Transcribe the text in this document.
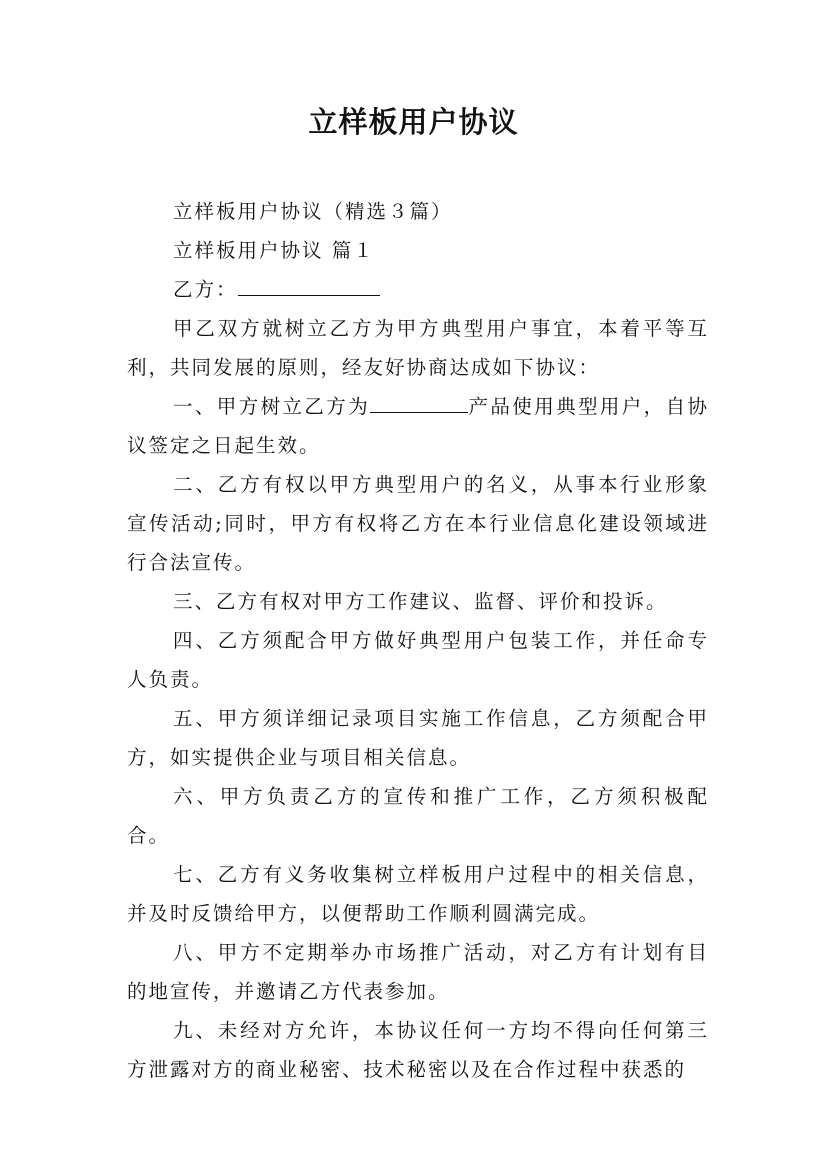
立样板用户协议

立样板用户协议（精选３篇）

立样板用户协议 篇１

乙方：

甲乙双方就树立乙方为甲方典型用户事宜，本着平等互利，共同发展的原则，经友好协商达成如下协议：

一、甲方树立乙方为	产品使用典型用户，自协议签定之日起生效。

二、乙方有权以甲方典型用户的名义，从事本行业形象宣传活动;同时，甲方有权将乙方在本行业信息化建设领域进行合法宣传。

三、乙方有权对甲方工作建议、监督、评价和投诉。

四、乙方须配合甲方做好典型用户包装工作，并任命专人负责。

五、甲方须详细记录项目实施工作信息，乙方须配合甲方，如实提供企业与项目相关信息。

六、甲方负责乙方的宣传和推广工作，乙方须积极配合。

七、乙方有义务收集树立样板用户过程中的相关信息，并及时反馈给甲方，以便帮助工作顺利圆满完成。

八、甲方不定期举办市场推广活动，对乙方有计划有目的地宣传，并邀请乙方代表参加。

九、未经对方允许，本协议任何一方均不得向任何第三方泄露对方的商业秘密、技术秘密以及在合作过程中获悉的
